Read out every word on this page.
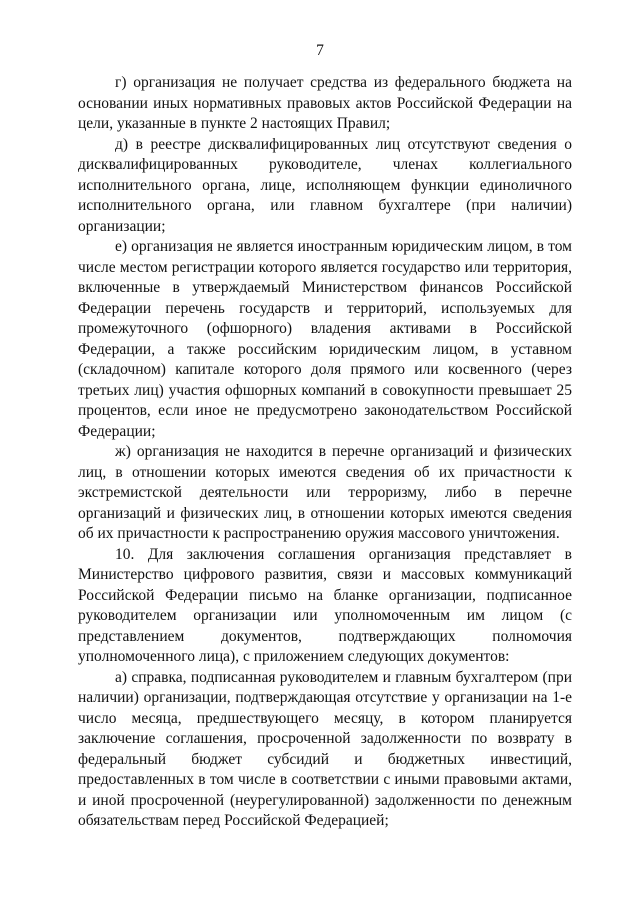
7

г) организация не получает средства из федерального бюджета на основании иных нормативных правовых актов Российской Федерации на цели, указанные в пункте 2 настоящих Правил;

д) в реестре дисквалифицированных лиц отсутствуют сведения о дисквалифицированных руководителе, членах коллегиального исполнительного органа, лице, исполняющем функции единоличного исполнительного органа, или главном бухгалтере (при наличии) организации;

е) организация не является иностранным юридическим лицом, в том числе местом регистрации которого является государство или территория, включенные в утверждаемый Министерством финансов Российской Федерации перечень государств и территорий, используемых для промежуточного (офшорного) владения активами в Российской Федерации, а также российским юридическим лицом, в уставном (складочном) капитале которого доля прямого или косвенного (через третьих лиц) участия офшорных компаний в совокупности превышает 25 процентов, если иное не предусмотрено законодательством Российской Федерации;

ж) организация не находится в перечне организаций и физических лиц, в отношении которых имеются сведения об их причастности к экстремистской деятельности или терроризму, либо в перечне организаций и физических лиц, в отношении которых имеются сведения об их причастности к распространению оружия массового уничтожения.

10. Для заключения соглашения организация представляет в Министерство цифрового развития, связи и массовых коммуникаций Российской Федерации письмо на бланке организации, подписанное руководителем организации или уполномоченным им лицом (с представлением документов, подтверждающих полномочия уполномоченного лица), с приложением следующих документов:

а) справка, подписанная руководителем и главным бухгалтером (при наличии) организации, подтверждающая отсутствие у организации на 1-е число месяца, предшествующего месяцу, в котором планируется заключение соглашения, просроченной задолженности по возврату в федеральный бюджет субсидий и бюджетных инвестиций, предоставленных в том числе в соответствии с иными правовыми актами, и иной просроченной (неурегулированной) задолженности по денежным обязательствам перед Российской Федерацией;
